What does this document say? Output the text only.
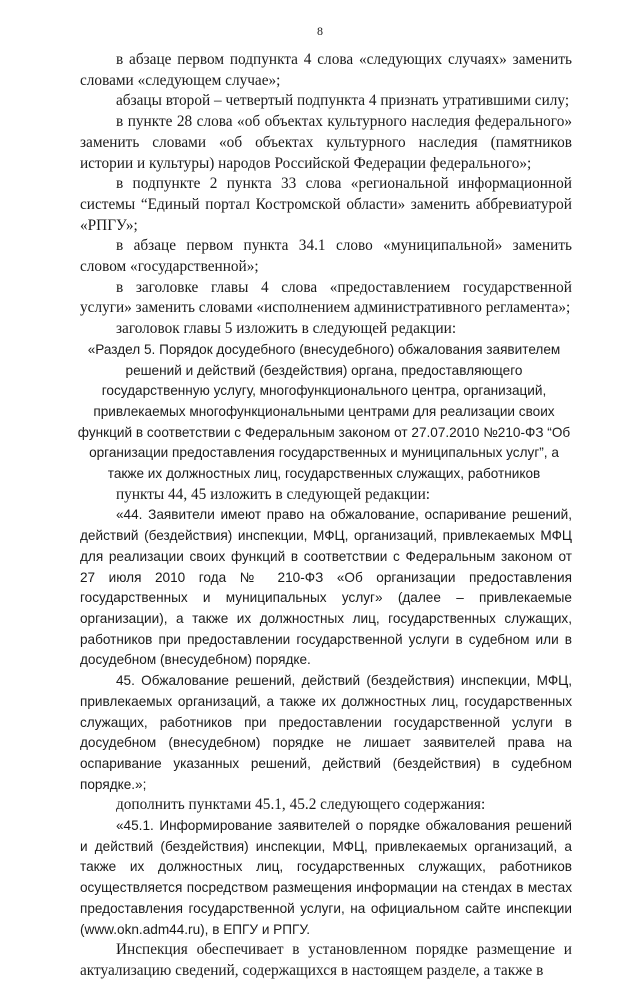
8

в абзаце первом подпункта 4 слова «следующих случаях» заменить словами «следующем случае»;

абзацы второй – четвертый подпункта 4 признать утратившими силу;

в пункте 28 слова «об объектах культурного наследия федерального» заменить словами «об объектах культурного наследия (памятников истории и культуры) народов Российской Федерации федерального»;

в подпункте 2 пункта 33 слова «региональной информационной системы “Единый портал Костромской области» заменить аббревиатурой «РПГУ»;

в абзаце первом пункта 34.1 слово «муниципальной» заменить словом «государственной»;

в заголовке главы 4 слова «предоставлением государственной услуги» заменить словами «исполнением административного регламента»;

заголовок главы 5 изложить в следующей редакции:

«Раздел 5. Порядок досудебного (внесудебного) обжалования заявителем решений и действий (бездействия) органа, предоставляющего государственную услугу, многофункционального центра, организаций, привлекаемых многофункциональными центрами для реализации своих функций в соответствии с Федеральным законом от 27.07.2010 №210-ФЗ “Об организации предоставления государственных и муниципальных услуг”, а также их должностных лиц, государственных служащих, работников

пункты 44, 45 изложить в следующей редакции:

«44. Заявители имеют право на обжалование, оспаривание решений, действий (бездействия) инспекции, МФЦ, организаций, привлекаемых МФЦ для реализации своих функций в соответствии с Федеральным законом от 27 июля 2010 года № 210-ФЗ «Об организации предоставления государственных и муниципальных услуг» (далее – привлекаемые организации), а также их должностных лиц, государственных служащих, работников при предоставлении государственной услуги в судебном или в досудебном (внесудебном) порядке.

45. Обжалование решений, действий (бездействия) инспекции, МФЦ, привлекаемых организаций, а также их должностных лиц, государственных служащих, работников при предоставлении государственной услуги в досудебном (внесудебном) порядке не лишает заявителей права на оспаривание указанных решений, действий (бездействия) в судебном порядке.»;

дополнить пунктами 45.1, 45.2 следующего содержания:

«45.1. Информирование заявителей о порядке обжалования решений и действий (бездействия) инспекции, МФЦ, привлекаемых организаций, а также их должностных лиц, государственных служащих, работников осуществляется посредством размещения информации на стендах в местах предоставления государственной услуги, на официальном сайте инспекции (www.okn.adm44.ru), в ЕПГУ и РПГУ.

Инспекция обеспечивает в установленном порядке размещение и актуализацию сведений, содержащихся в настоящем разделе, а также в
